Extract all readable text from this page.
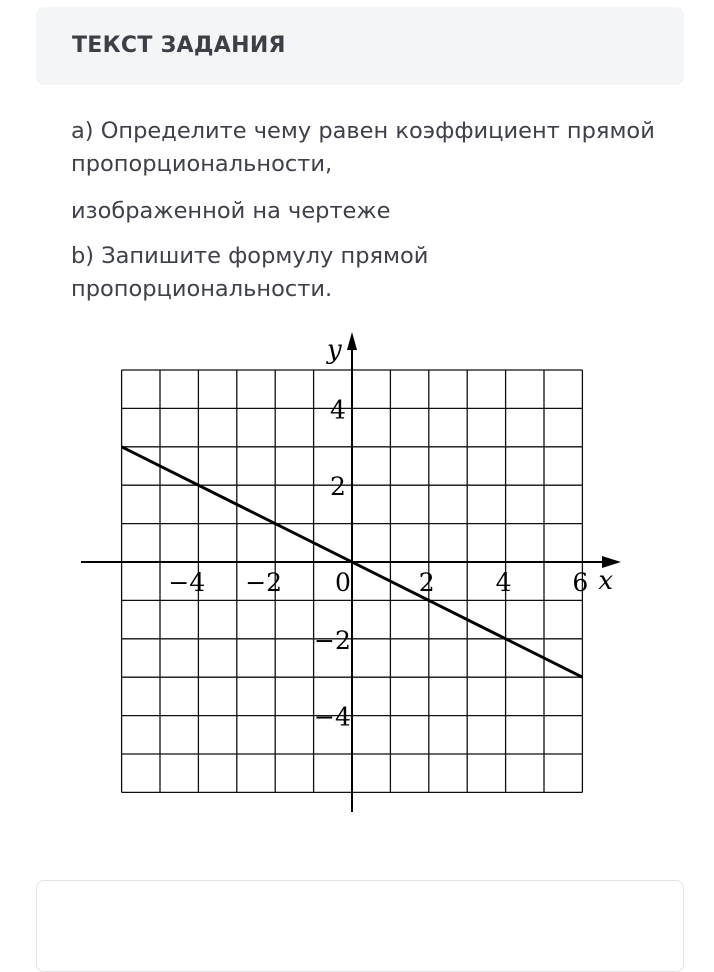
ТЕКСТ ЗАДАНИЯ

a) Определите чему равен коэффициент прямой пропорциональности,

изображенной на чертеже

b) Запишите формулу прямой пропорциональности.

−4 −2 0	2 4 6
4
2
−2
−4
x
y
